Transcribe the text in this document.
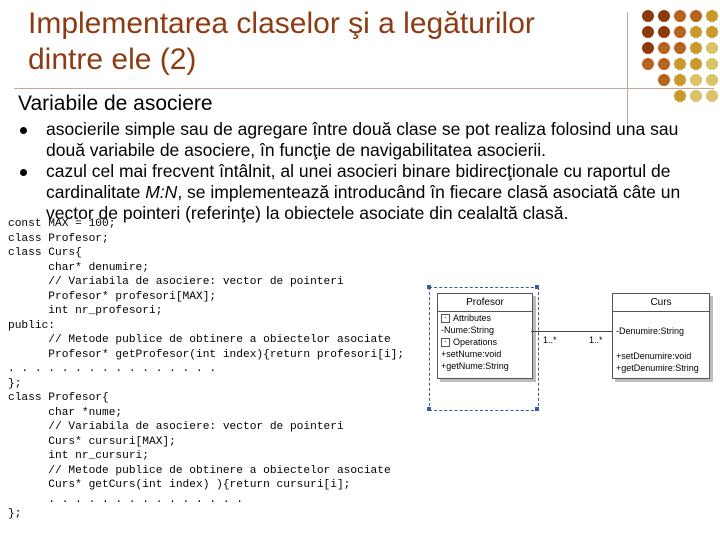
Implementarea claselor şi a legăturilor dintre ele (2)
Variabile de asociere
asocierile simple sau de agregare între două clase se pot realiza folosind una sau două variabile de asociere, în funcţie de navigabilitatea asocierii.
cazul cel mai frecvent întâlnit, al unei asocieri binare bidirecţionale cu raportul de cardinalitate M:N, se implementează introducând în fiecare clasă asociată câte un vector de pointeri (referinţe) la obiectele asociate din cealaltă clasă.
const MAX = 100;
class Profesor;
class Curs{
char* denumire;
// Variabila de asociere: vector de pointeri
Profesor* profesori[MAX];
int nr_profesori;
public:
// Metode publice de obtinere a obiectelor asociate
Profesor* getProfesor(int index){return profesori[i];
. . . . . . . . . . . . . . . .
};
class Profesor{
char *nume;
// Variabila de asociere: vector de pointeri
Curs* cursuri[MAX];
int nr_cursuri;
// Metode publice de obtinere a obiectelor asociate
Curs* getCurs(int index) ){return cursuri[i];
. . . . . . . . . . . . . . .
};
Profesor
- Attributes
-Nume:String
- Operations
+setNume:void
+getNume:String
Curs
-Denumire:String
+setDenumire:void
+getDenumire:String
1..*	1..*
